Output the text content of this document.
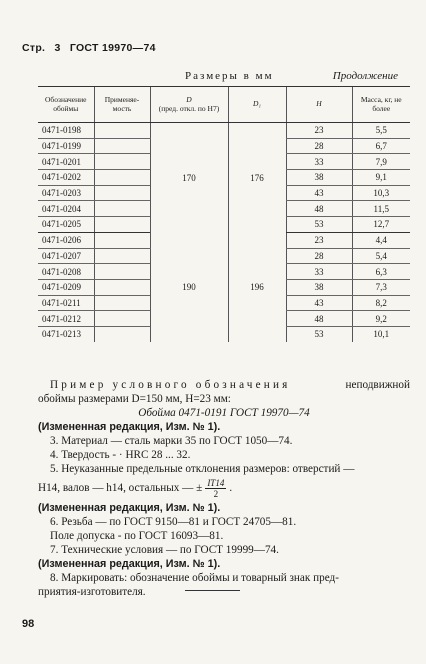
Стр. 3 ГОСТ 19970—74
Размеры в мм	Продолжение
Обозначение обоймы	Применяе-мость	D
(пред. откл. по H7)	D₁	H	Масса, кг, не более
0471-0198		170	176	23	5,5
0471-0199				28	6,7
0471-0201				33	7,9
0471-0202				38	9,1
0471-0203				43	10,3
0471-0204				48	11,5
0471-0205				53	12,7
0471-0206		190	196	23	4,4
0471-0207				28	5,4
0471-0208				33	6,3
0471-0209				38	7,3
0471-0211				43	8,2
0471-0212				48	9,2
0471-0213				53	10,1

Пример условного обозначения	неподвижной

обоймы размерами D=150 мм, H=23 мм:

Обойма 0471-0191 ГОСТ 19970—74

(Измененная редакция, Изм. № 1).

3. Материал — сталь марки 35 по ГОСТ 1050—74.

4. Твердость - · HRC 28 ... 32.

5. Неуказанные предельные отклонения размеров: отверстий —

H14, валов — h14, остальных — ± $\frac{IT14}{2}$ .

(Измененная редакция, Изм. № 1).

6. Резьба — по ГОСТ 9150—81 и ГОСТ 24705—81.

Поле допуска - по ГОСТ 16093—81.

7. Технические условия — по ГОСТ 19999—74.

(Измененная редакция, Изм. № 1).

8. Маркировать: обозначение обоймы и товарный знак пред-

приятия-изготовителя.

98
